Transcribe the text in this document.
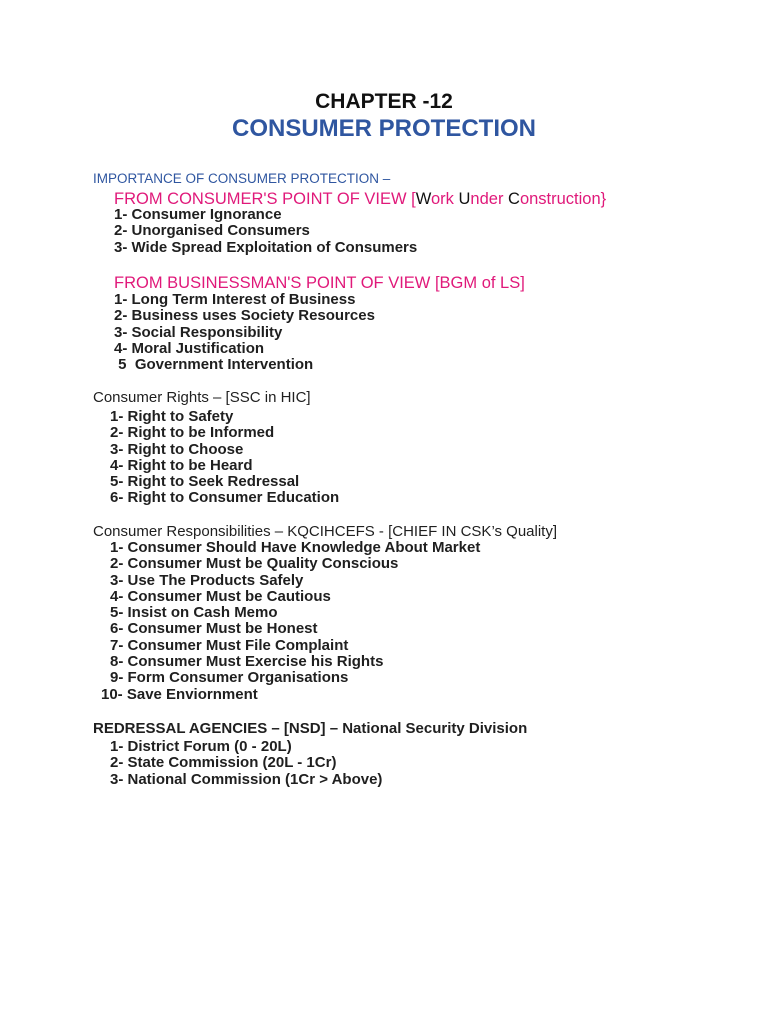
CHAPTER -12
CONSUMER PROTECTION
IMPORTANCE OF CONSUMER PROTECTION –
FROM CONSUMER'S POINT OF VIEW [Work Under Construction}
1- Consumer Ignorance
2- Unorganised Consumers
3- Wide Spread Exploitation of Consumers
FROM BUSINESSMAN'S POINT OF VIEW [BGM of LS]
1- Long Term Interest of Business
2- Business uses Society Resources
3- Social Responsibility
4- Moral Justification
5  Government Intervention
Consumer Rights – [SSC in HIC]
1- Right to Safety
2- Right to be Informed
3- Right to Choose
4- Right to be Heard
5- Right to Seek Redressal
6- Right to Consumer Education
Consumer Responsibilities – KQCIHCEFS - [CHIEF IN CSK’s Quality]
1- Consumer Should Have Knowledge About Market
2- Consumer Must be Quality Conscious
3- Use The Products Safely
4- Consumer Must be Cautious
5- Insist on Cash Memo
6- Consumer Must be Honest
7- Consumer Must File Complaint
8- Consumer Must Exercise his Rights
9- Form Consumer Organisations
10- Save Enviornment
REDRESSAL AGENCIES – [NSD] – National Security Division
1- District Forum (0 - 20L)
2- State Commission (20L - 1Cr)
3- National Commission (1Cr > Above)
